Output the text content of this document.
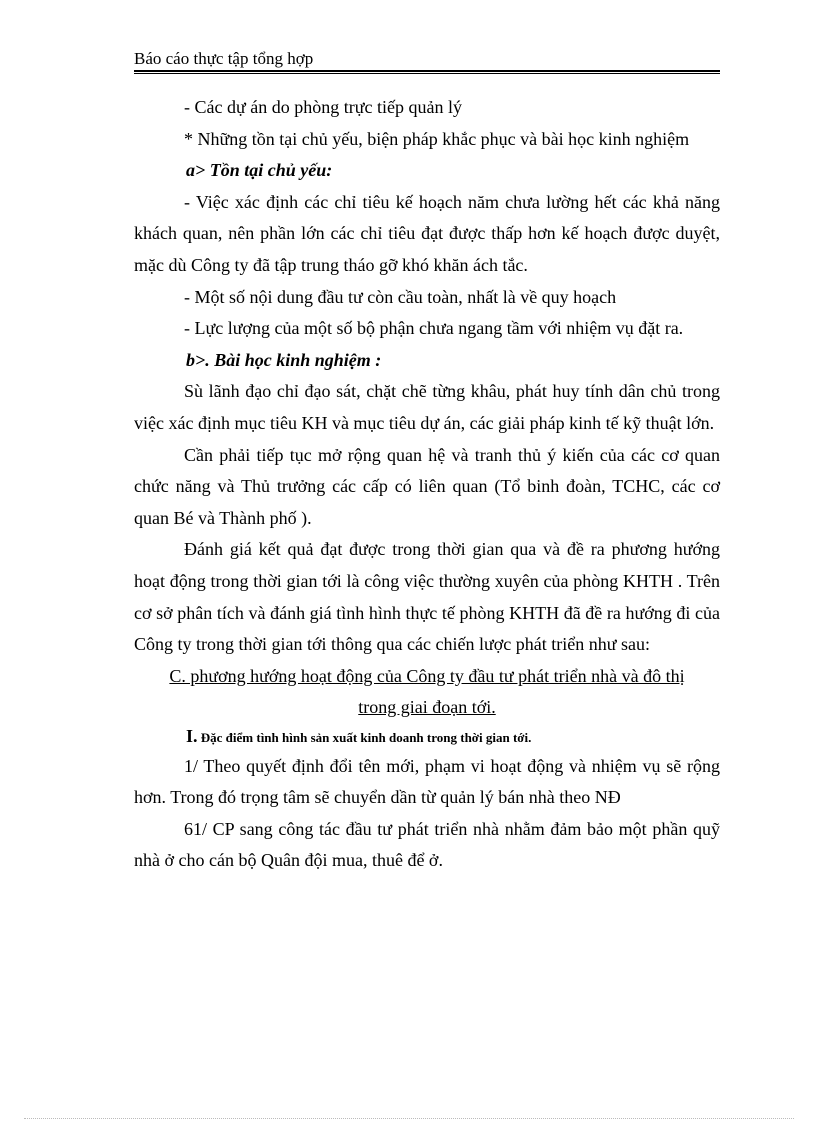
Báo cáo thực tập tổng hợp

- Các dự án do phòng trực tiếp quản lý

* Những tồn tại chủ yếu, biện pháp khắc phục và bài học kinh nghiệm

a> Tồn tại chủ yếu:

- Việc xác định các chỉ tiêu kế hoạch năm chưa lường hết các khả năng khách quan, nên phần lớn các chỉ tiêu đạt được thấp hơn kế hoạch được duyệt, mặc dù Công ty đã tập trung tháo gỡ khó khăn ách tắc.

- Một số nội dung đầu tư còn cầu toàn, nhất là về quy hoạch

- Lực lượng của một số bộ phận chưa ngang tầm với nhiệm vụ đặt ra.

b>. Bài học kinh nghiệm :

Sù lãnh đạo chỉ đạo sát, chặt chẽ từng khâu, phát huy tính dân chủ trong việc xác định mục tiêu KH và mục tiêu dự án, các giải pháp kinh tế kỹ thuật lớn.

Cần phải tiếp tục mở rộng quan hệ và tranh thủ ý kiến của các cơ quan chức năng và Thủ trưởng các cấp có liên quan (Tổ binh đoàn, TCHC, các cơ quan Bé và Thành phố ).

Đánh giá kết quả đạt được trong thời gian qua và đề ra phương hướng hoạt động trong thời gian tới là công việc thường xuyên của phòng KHTH . Trên cơ sở phân tích và đánh giá tình hình thực tế phòng KHTH đã đề ra hướng đi của Công ty trong thời gian tới thông qua các chiến lược phát triển như sau:

C. phương hướng hoạt động của Công ty đầu tư phát triển nhà và đô thị

trong giai đoạn tới.

I. Đặc điểm tình hình sản xuất kinh doanh trong thời gian tới.

1/ Theo quyết định đổi tên mới, phạm vi hoạt động và nhiệm vụ sẽ rộng hơn. Trong đó trọng tâm sẽ chuyển dần từ quản lý bán nhà theo NĐ

61/ CP sang công tác đầu tư phát triển nhà nhằm đảm bảo một phần quỹ nhà ở cho cán bộ Quân đội mua, thuê để ở.
